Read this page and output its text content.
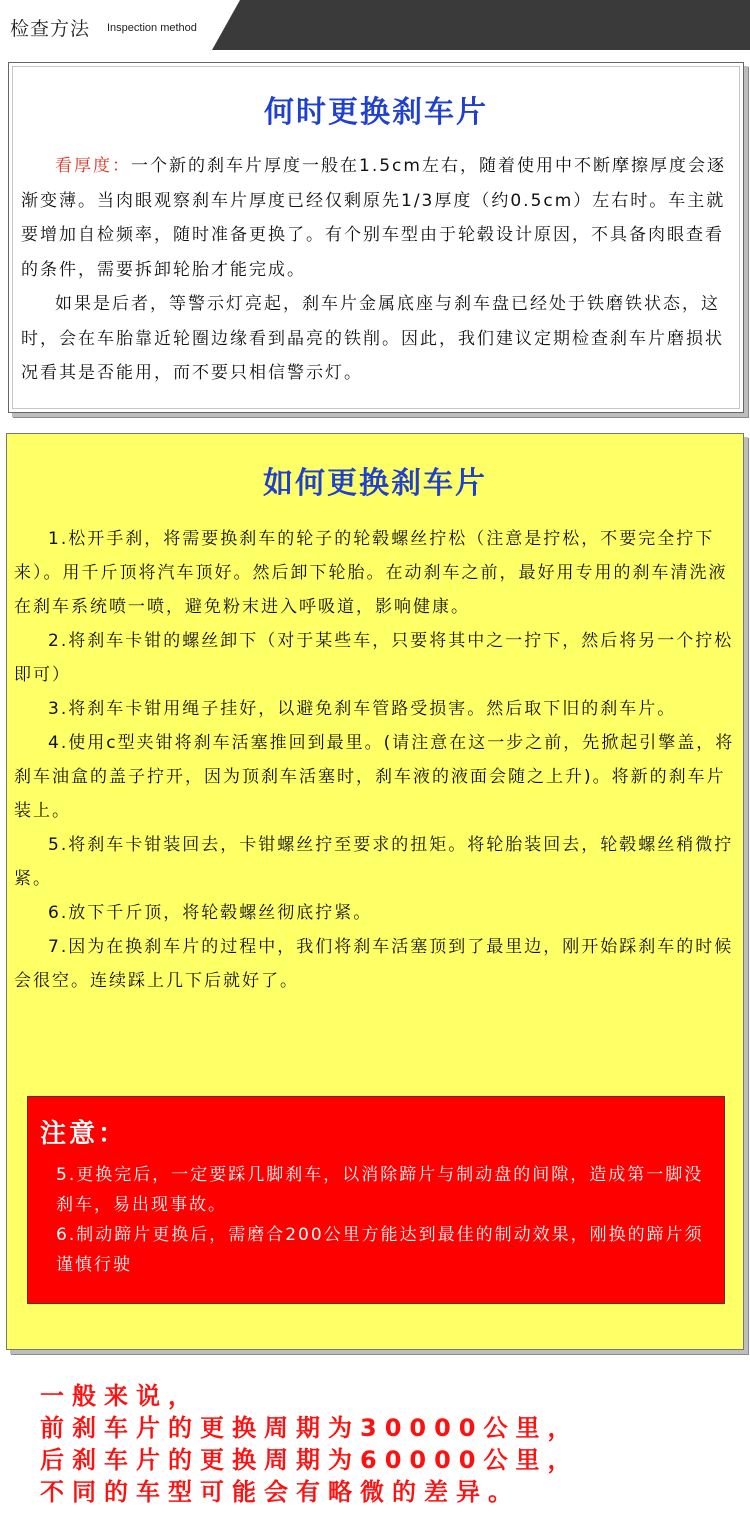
检查方法 Inspection method
何时更换刹车片

看厚度：一个新的刹车片厚度一般在1.5cm左右，随着使用中不断摩擦厚度会逐渐变薄。当肉眼观察刹车片厚度已经仅剩原先1/3厚度（约0.5cm）左右时。车主就要增加自检频率，随时准备更换了。有个别车型由于轮毂设计原因，不具备肉眼查看的条件，需要拆卸轮胎才能完成。

如果是后者，等警示灯亮起，刹车片金属底座与刹车盘已经处于铁磨铁状态，这时，会在车胎靠近轮圈边缘看到晶亮的铁削。因此，我们建议定期检查刹车片磨损状况看其是否能用，而不要只相信警示灯。

如何更换刹车片

1.松开手刹，将需要换刹车的轮子的轮毂螺丝拧松（注意是拧松，不要完全拧下来）。用千斤顶将汽车顶好。然后卸下轮胎。在动刹车之前，最好用专用的刹车清洗液在刹车系统喷一喷，避免粉末进入呼吸道，影响健康。

2.将刹车卡钳的螺丝卸下（对于某些车，只要将其中之一拧下，然后将另一个拧松即可）

3.将刹车卡钳用绳子挂好，以避免刹车管路受损害。然后取下旧的刹车片。

4.使用c型夹钳将刹车活塞推回到最里。(请注意在这一步之前，先掀起引擎盖，将刹车油盒的盖子拧开，因为顶刹车活塞时，刹车液的液面会随之上升)。将新的刹车片装上。

5.将刹车卡钳装回去，卡钳螺丝拧至要求的扭矩。将轮胎装回去，轮毂螺丝稍微拧紧。

6.放下千斤顶，将轮毂螺丝彻底拧紧。

7.因为在换刹车片的过程中，我们将刹车活塞顶到了最里边，刚开始踩刹车的时候会很空。连续踩上几下后就好了。

注意：

5.更换完后，一定要踩几脚刹车，以消除蹄片与制动盘的间隙，造成第一脚没刹车，易出现事故。

6.制动蹄片更换后，需磨合200公里方能达到最佳的制动效果，刚换的蹄片须谨慎行驶

一般来说，

前刹车片的更换周期为30000公里，

后刹车片的更换周期为60000公里，

不同的车型可能会有略微的差异。
